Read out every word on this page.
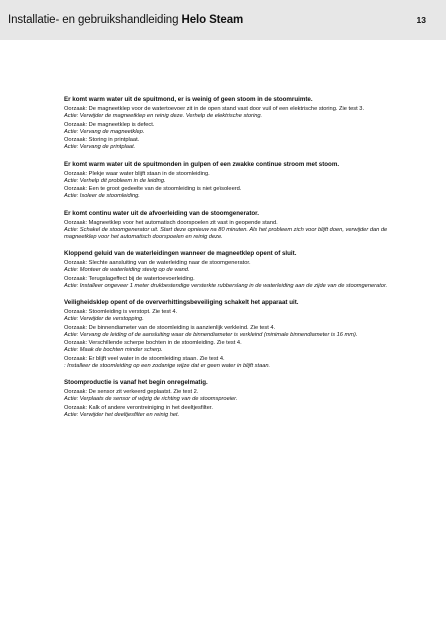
Installatie- en gebruikshandleiding Helo Steam	13
Er komt warm water uit de spuitmond, er is weinig of geen stoom in de stoomruimte.
Oorzaak: De magneetklep voor de watertoevoer zit in de open stand vast door vuil of een elektrische storing. Zie test 3.
Actie: Verwijder de magneetklep en reinig deze. Verhelp de elektrische storing.
Oorzaak: De magneetklep is defect.
Actie: Vervang de magneetklep.
Oorzaak: Storing in printplaat.
Actie: Vervang de printplaat.
Er komt warm water uit de spuitmonden in gulpen of een zwakke continue stroom met stoom.
Oorzaak: Plekje waar water blijft staan in de stoomleiding.
Actie: Verhelp dit probleem in de leiding.
Oorzaak: Een te groot gedeelte van de stoomleiding is niet geïsoleerd.
Actie: Isoleer de stoomleiding.
Er komt continu water uit de afvoerleiding van de stoomgenerator.
Oorzaak: Magneetklep voor het automatisch doorspoelen zit vast in geopende stand.
Actie: Schakel de stoomgenerator uit. Start deze opnieuw na 80 minuten. Als het probleem zich voor blijft doen, verwijder dan de magneetklep voor het automatisch doorspoelen en reinig deze.
Kloppend geluid van de waterleidingen wanneer de magneetklep opent of sluit.
Oorzaak: Slechte aansluiting van de waterleiding naar de stoomgenerator.
Actie: Monteer de waterleiding stevig op de wand.
Oorzaak: Terugslageffect bij de watertoevoerleiding.
Actie: Installeer ongeveer 1 meter drukbestendige versterkte rubberslang in de waterleiding aan de zijde van de stoomgenerator.
Veiligheidsklep opent of de oververhittingsbeveiliging schakelt het apparaat uit.
Oorzaak: Stoomleiding is verstopt. Zie test 4.
Actie: Verwijder de verstopping.
Oorzaak: De binnendiameter van de stoomleiding is aanzienlijk verkleind. Zie test 4.
Actie: Vervang de leiding of de aansluiting waar de binnendiameter is verkleind (minimale binnendiameter is 16 mm).
Oorzaak: Verschillende scherpe bochten in de stoomleiding. Zie test 4.
Actie: Maak de bochten minder scherp.
Oorzaak: Er blijft veel water in de stoomleiding staan. Zie test 4.
: Installeer de stoomleiding op een zodanige wijze dat er geen water in blijft staan.
Stoomproductie is vanaf het begin onregelmatig.
Oorzaak: De sensor zit verkeerd geplaatst. Zie test 2.
Actie: Verplaats de sensor of wijzig de richting van de stoomsproeier.
Oorzaak: Kalk of andere verontreiniging in het deeltjesfilter.
Actie: Verwijder het deeltjesfilter en reinig het.
